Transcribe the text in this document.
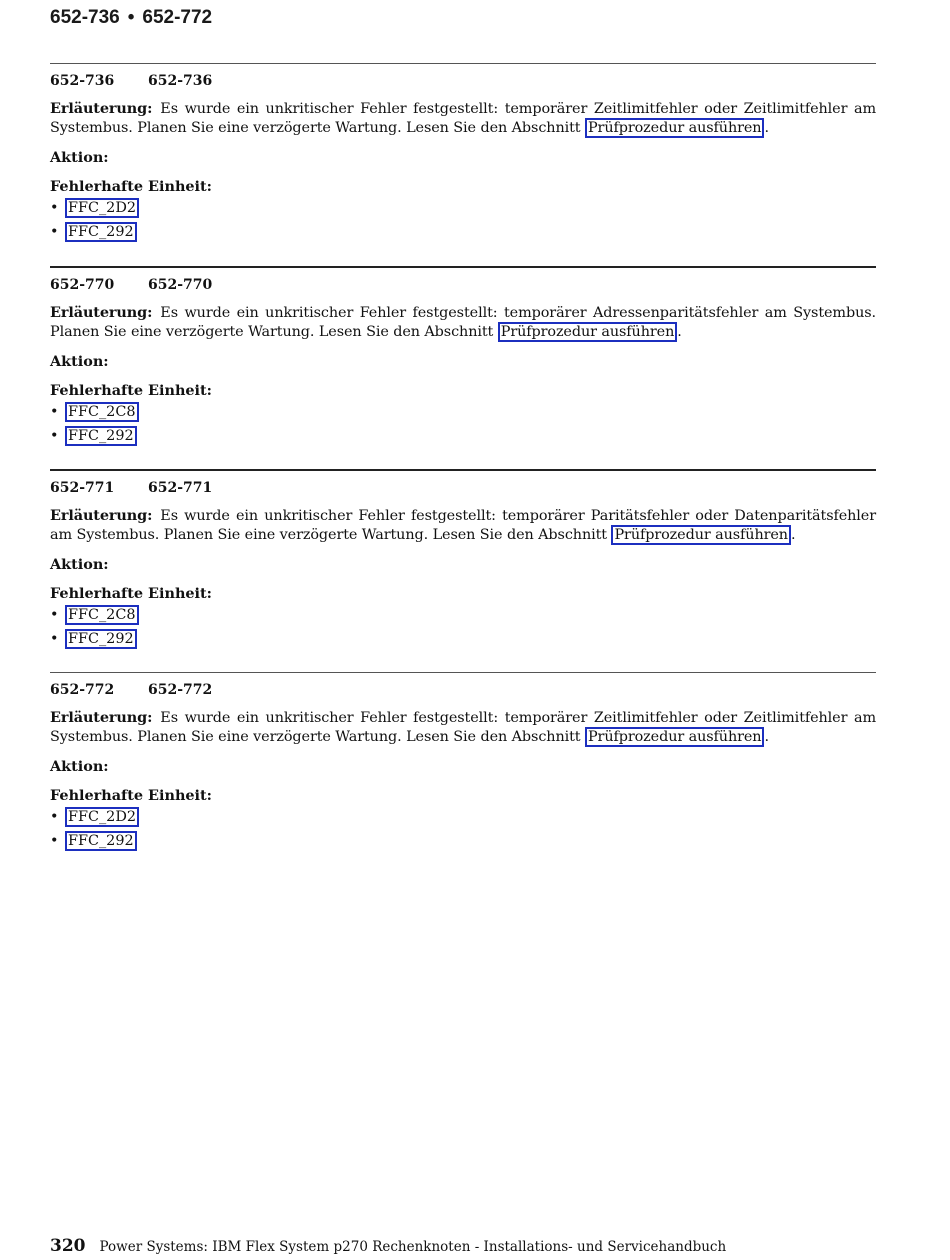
652-736 • 652-772
652-736 652-736

Erläuterung: Es wurde ein unkritischer Fehler festgestellt: temporärer Zeitlimitfehler oder Zeitlimitfehler am Systembus. Planen Sie eine verzögerte Wartung. Lesen Sie den Abschnitt Prüfprozedur ausführen .

Aktion:
Fehlerhafte Einheit:
• FFC_2D2
• FFC_292
652-770 652-770

Erläuterung: Es wurde ein unkritischer Fehler festgestellt: temporärer Adressenparitätsfehler am Systembus. Planen Sie eine verzögerte Wartung. Lesen Sie den Abschnitt Prüfprozedur ausführen .

Aktion:
Fehlerhafte Einheit:
• FFC_2C8
• FFC_292
652-771 652-771

Erläuterung: Es wurde ein unkritischer Fehler festgestellt: temporärer Paritätsfehler oder Datenparitätsfehler am Systembus. Planen Sie eine verzögerte Wartung. Lesen Sie den Abschnitt Prüfprozedur ausführen .

Aktion:
Fehlerhafte Einheit:
• FFC_2C8
• FFC_292
652-772 652-772

Erläuterung: Es wurde ein unkritischer Fehler festgestellt: temporärer Zeitlimitfehler oder Zeitlimitfehler am Systembus. Planen Sie eine verzögerte Wartung. Lesen Sie den Abschnitt Prüfprozedur ausführen .

Aktion:
Fehlerhafte Einheit:
• FFC_2D2
• FFC_292
320 Power Systems: IBM Flex System p270 Rechenknoten - Installations- und Servicehandbuch
